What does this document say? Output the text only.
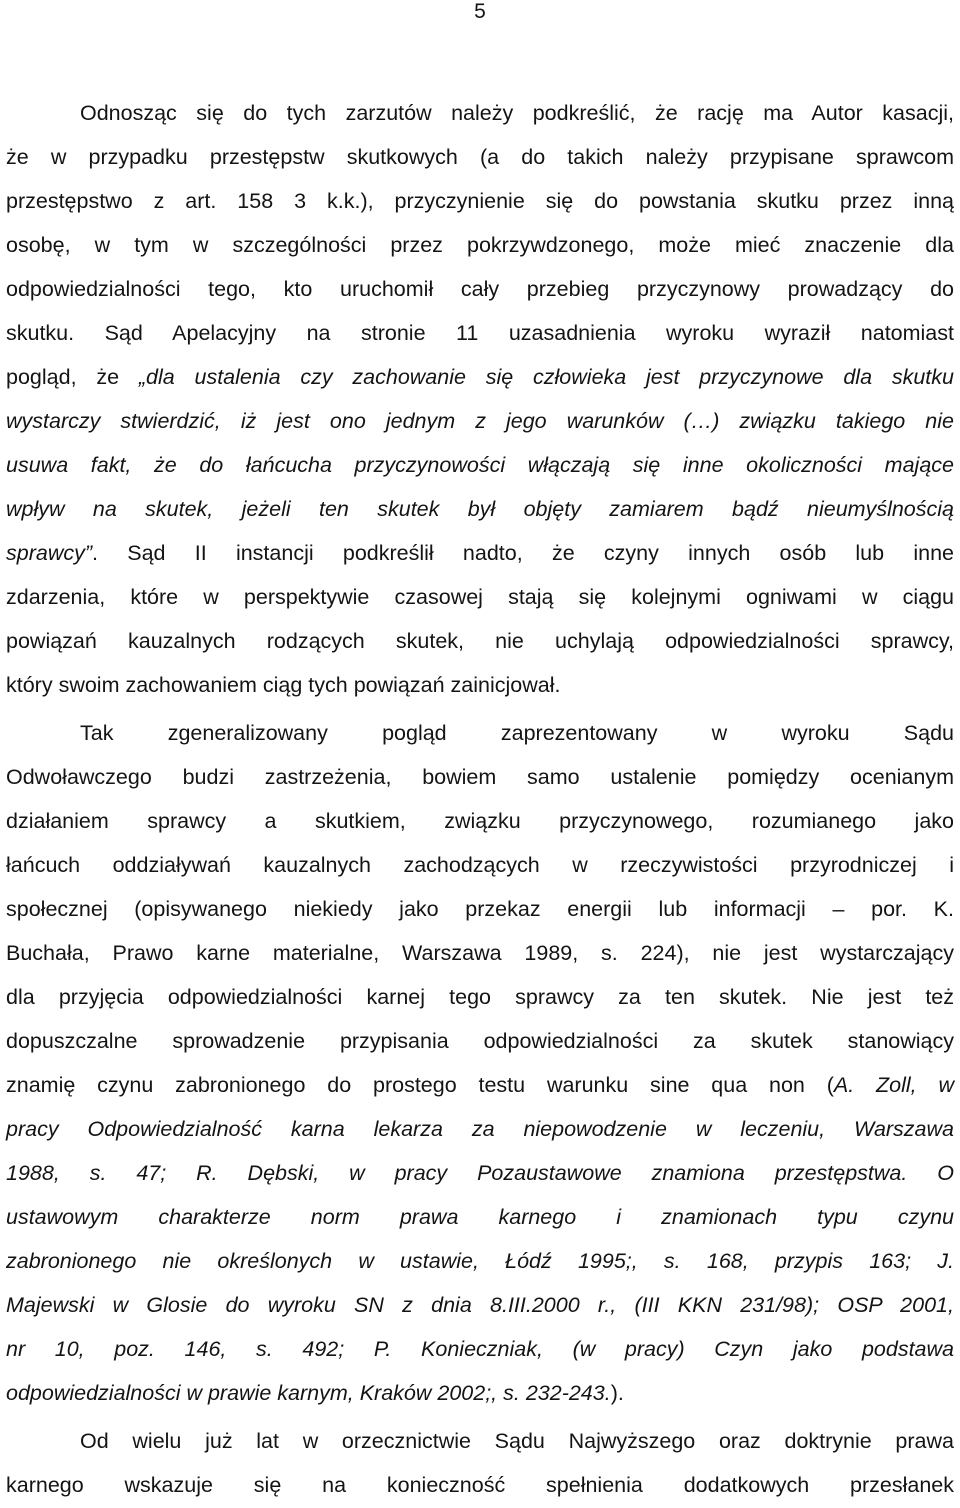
5
Odnosząc się do tych zarzutów należy podkreślić, że rację ma Autor kasacji,
że w przypadku przestępstw skutkowych (a do takich należy przypisane sprawcom
przestępstwo z art. 158 3 k.k.), przyczynienie się do powstania skutku przez inną
osobę, w tym w szczególności przez pokrzywdzonego, może mieć znaczenie dla
odpowiedzialności tego, kto uruchomił cały przebieg przyczynowy prowadzący do
skutku. Sąd Apelacyjny na stronie 11 uzasadnienia wyroku wyraził natomiast
pogląd, że „dla ustalenia czy zachowanie się człowieka jest przyczynowe dla skutku
wystarczy stwierdzić, iż jest ono jednym z jego warunków (…) związku takiego nie
usuwa fakt, że do łańcucha przyczynowości włączają się inne okoliczności mające
wpływ na skutek, jeżeli ten skutek był objęty zamiarem bądź nieumyślnością
sprawcy”. Sąd II instancji podkreślił nadto, że czyny innych osób lub inne
zdarzenia, które w perspektywie czasowej stają się kolejnymi ogniwami w ciągu
powiązań kauzalnych rodzących skutek, nie uchylają odpowiedzialności sprawcy,
który swoim zachowaniem ciąg tych powiązań zainicjował.
Tak zgeneralizowany pogląd zaprezentowany w wyroku Sądu
Odwoławczego budzi zastrzeżenia, bowiem samo ustalenie pomiędzy ocenianym
działaniem sprawcy a skutkiem, związku przyczynowego, rozumianego jako
łańcuch oddziaływań kauzalnych zachodzących w rzeczywistości przyrodniczej i
społecznej (opisywanego niekiedy jako przekaz energii lub informacji – por. K.
Buchała, Prawo karne materialne, Warszawa 1989, s. 224), nie jest wystarczający
dla przyjęcia odpowiedzialności karnej tego sprawcy za ten skutek. Nie jest też
dopuszczalne sprowadzenie przypisania odpowiedzialności za skutek stanowiący
znamię czynu zabronionego do prostego testu warunku sine qua non (A. Zoll, w
pracy Odpowiedzialność karna lekarza za niepowodzenie w leczeniu, Warszawa
1988, s. 47; R. Dębski, w pracy Pozaustawowe znamiona przestępstwa. O
ustawowym charakterze norm prawa karnego i znamionach typu czynu
zabronionego nie określonych w ustawie, Łódź 1995;, s. 168, przypis 163; J.
Majewski w Glosie do wyroku SN z dnia 8.III.2000 r., (III KKN 231/98); OSP 2001,
nr 10, poz. 146, s. 492; P. Konieczniak, (w pracy) Czyn jako podstawa
odpowiedzialności w prawie karnym, Kraków 2002;, s. 232-243.).
Od wielu już lat w orzecznictwie Sądu Najwyższego oraz doktrynie prawa
karnego wskazuje się na konieczność spełnienia dodatkowych przesłanek
